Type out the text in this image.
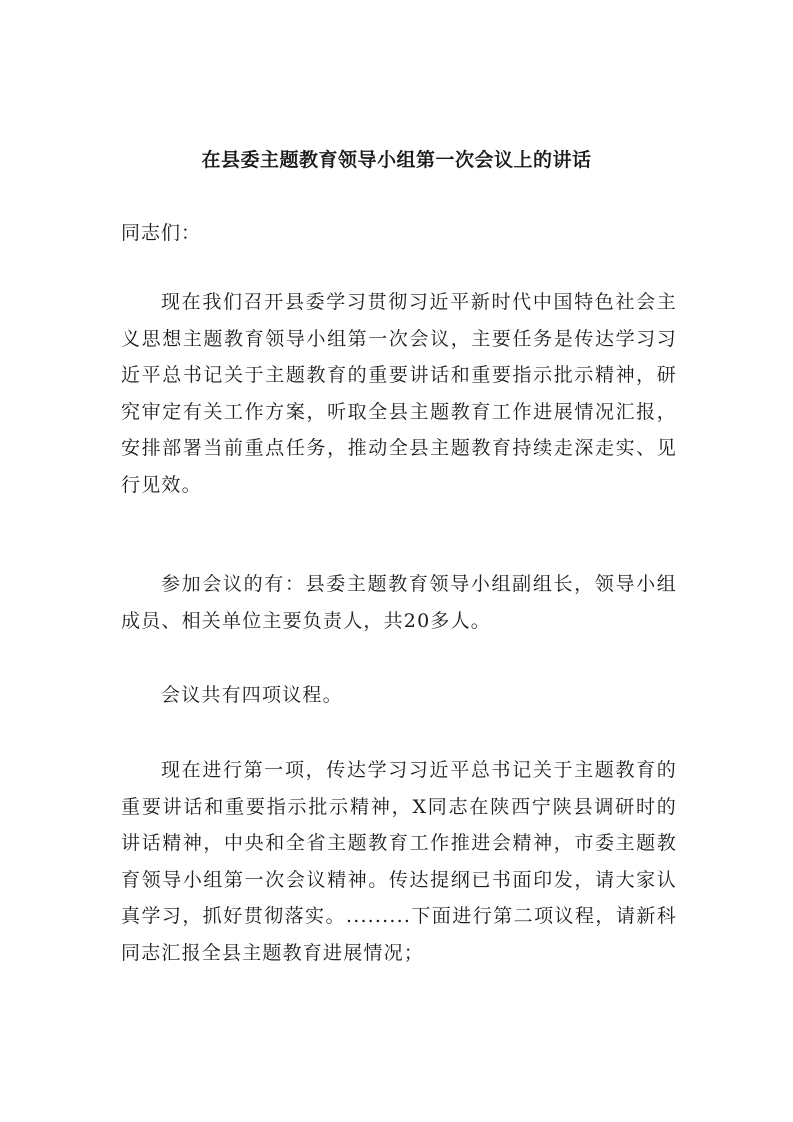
在县委主题教育领导小组第一次会议上的讲话

同志们：

现在我们召开县委学习贯彻习近平新时代中国特色社会主义思想主题教育领导小组第一次会议，主要任务是传达学习习近平总书记关于主题教育的重要讲话和重要指示批示精神，研究审定有关工作方案，听取全县主题教育工作进展情况汇报，安排部署当前重点任务，推动全县主题教育持续走深走实、见行见效。

参加会议的有：县委主题教育领导小组副组长，领导小组成员、相关单位主要负责人，共20多人。

会议共有四项议程。

现在进行第一项，传达学习习近平总书记关于主题教育的重要讲话和重要指示批示精神，X同志在陕西宁陕县调研时的讲话精神，中央和全省主题教育工作推进会精神，市委主题教育领导小组第一次会议精神。传达提纲已书面印发，请大家认真学习，抓好贯彻落实。.........下面进行第二项议程，请新科同志汇报全县主题教育进展情况；
